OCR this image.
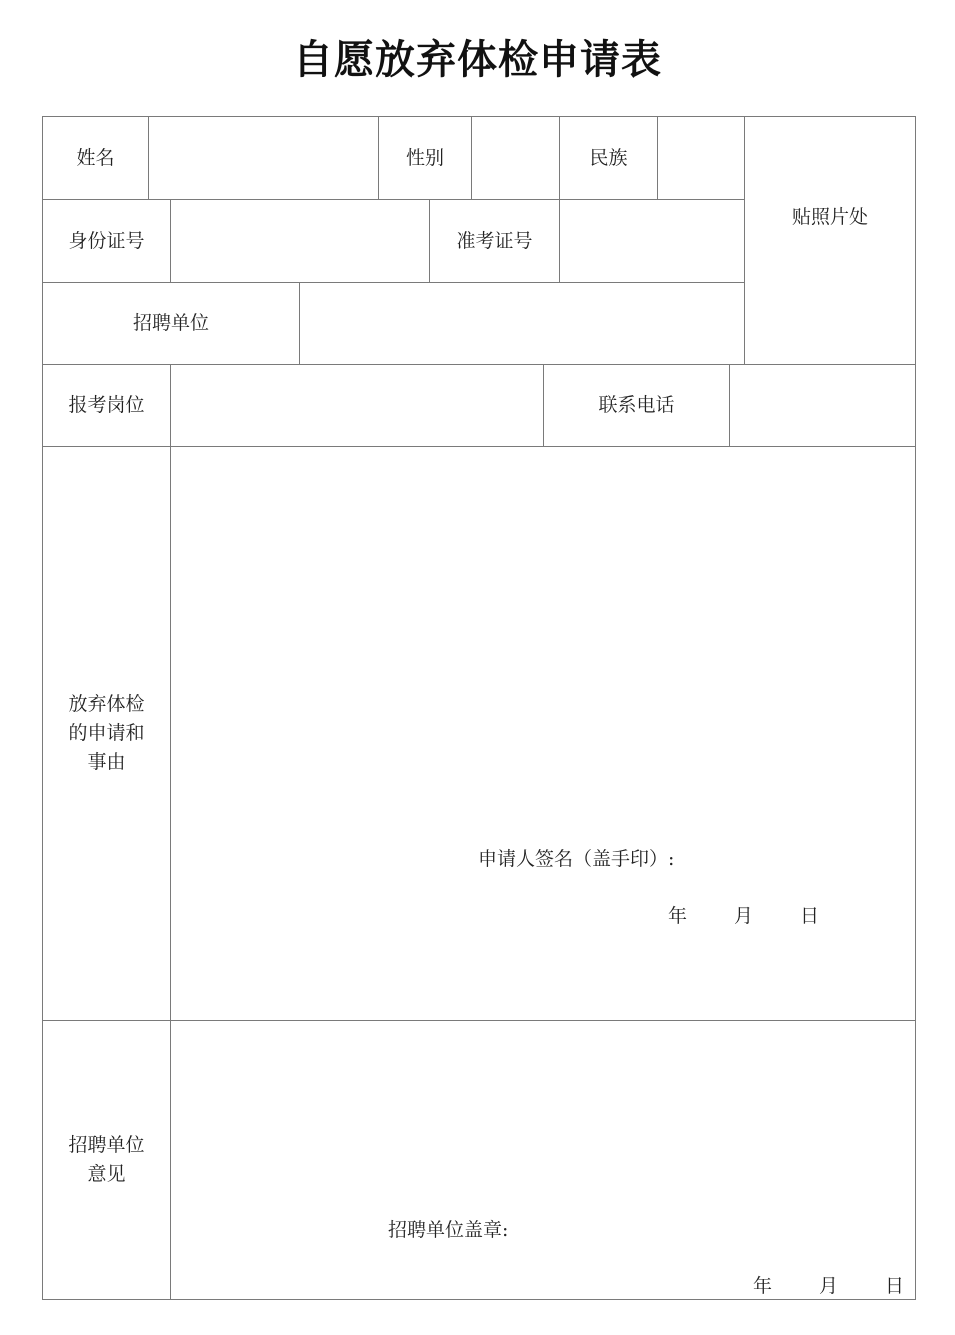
自愿放弃体检申请表
姓名	性别	民族
贴照片处
身份证号	准考证号
招聘单位
报考岗位	联系电话
放弃体检
的申请和
事由
招聘单位
意见
申请人签名（盖手印）:
年 月 日
招聘单位盖章:
年 月 日
